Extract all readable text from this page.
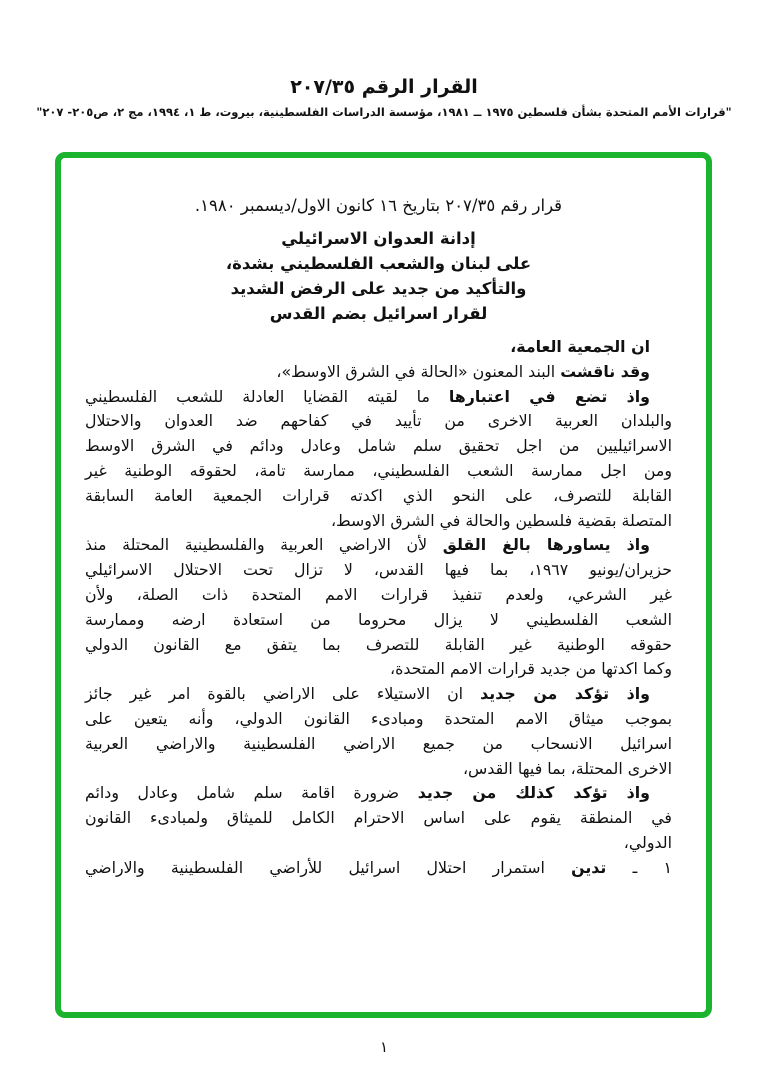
القرار الرقم ٢٠٧/٣٥
"قرارات الأمم المتحدة بشأن فلسطين ١٩٧٥ ــ ١٩٨١، مؤسسة الدراسات الفلسطينية، بيروت، ط ١، ١٩٩٤، مج ٢، ص٢٠٥- ٢٠٧"
قرار رقم ٢٠٧/٣٥ بتاريخ ١٦ كانون الاول/ديسمبر ١٩٨٠.
إدانة العدوان الاسرائيلي
على لبنان والشعب الفلسطيني بشدة،
والتأكيد من جديد على الرفض الشديد
لقرار اسرائيل بضم القدس
ان الجمعية العامة،
وقد ناقشت البند المعنون «الحالة في الشرق الاوسط»،
واذ تضع في اعتبارها ما لقيته القضايا العادلة للشعب الفلسطيني
والبلدان العربية الاخرى من تأييد في كفاحهم ضد العدوان والاحتلال
الاسرائيليين من اجل تحقيق سلم شامل وعادل ودائم في الشرق الاوسط
ومن اجل ممارسة الشعب الفلسطيني، ممارسة تامة، لحقوقه الوطنية غير
القابلة للتصرف، على النحو الذي اكدته قرارات الجمعية العامة السابقة
المتصلة بقضية فلسطين والحالة في الشرق الاوسط،
واذ يساورها بالغ القلق لأن الاراضي العربية والفلسطينية المحتلة منذ
حزيران/يونيو ١٩٦٧، بما فيها القدس، لا تزال تحت الاحتلال الاسرائيلي
غير الشرعي، ولعدم تنفيذ قرارات الامم المتحدة ذات الصلة، ولأن
الشعب الفلسطيني لا يزال محروما من استعادة ارضه وممارسة
حقوقه الوطنية غير القابلة للتصرف بما يتفق مع القانون الدولي
وكما اكدتها من جديد قرارات الامم المتحدة،
واذ تؤكد من جديد ان الاستيلاء على الاراضي بالقوة امر غير جائز
بموجب ميثاق الامم المتحدة ومبادىء القانون الدولي، وأنه يتعين على
اسرائيل الانسحاب من جميع الاراضي الفلسطينية والاراضي العربية
الاخرى المحتلة، بما فيها القدس،
واذ تؤكد كذلك من جديد ضرورة اقامة سلم شامل وعادل ودائم
في المنطقة يقوم على اساس الاحترام الكامل للميثاق ولمبادىء القانون
الدولي،
١ ـ تدين استمرار احتلال اسرائيل للأراضي الفلسطينية والاراضي
١
